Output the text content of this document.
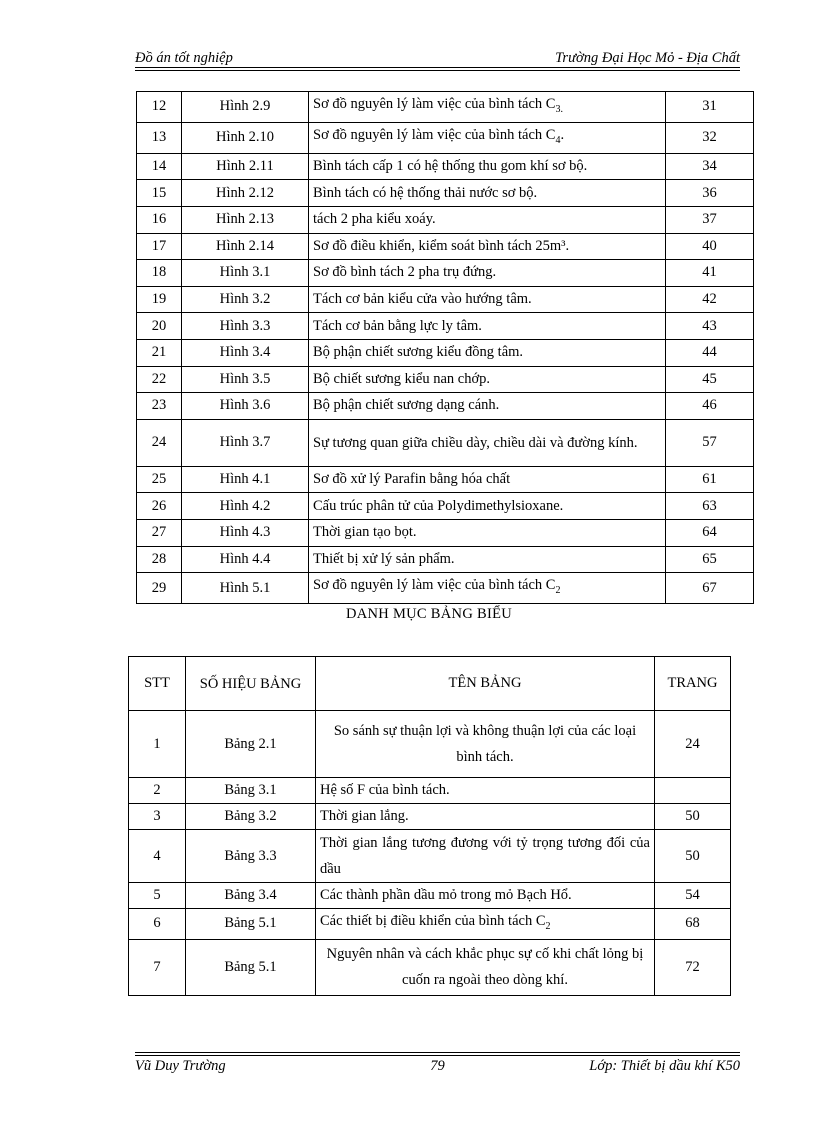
Đồ án tốt nghiệp	Trường Đại Học Mỏ - Địa Chất
12	Hình 2.9	Sơ đồ nguyên lý làm việc của bình tách $C_{3.}$	31
13	Hình 2.10	Sơ đồ nguyên lý làm việc của bình tách $C_4$.	32
14	Hình 2.11	Bình tách cấp 1 có hệ thống thu gom khí sơ bộ.	34
15	Hình 2.12	Bình tách có hệ thống thải nước sơ bộ.	36
16	Hình 2.13	tách 2 pha kiểu xoáy.	37
17	Hình 2.14	Sơ đồ điều khiển, kiểm soát bình tách 25m³.	40
18	Hình 3.1	Sơ đồ bình tách 2 pha trụ đứng.	41
19	Hình 3.2	Tách cơ bản kiểu cửa vào hướng tâm.	42
20	Hình 3.3	Tách cơ bản bằng lực ly tâm.	43
21	Hình 3.4	Bộ phận chiết sương kiểu đồng tâm.	44
22	Hình 3.5	Bộ chiết sương kiểu nan chớp.	45
23	Hình 3.6	Bộ phận chiết sương dạng cánh.	46
24	Hình 3.7	Sự tương quan giữa chiều dày, chiều dài và đường kính.	57
25	Hình 4.1	Sơ đồ xử lý Parafin bằng hóa chất	61
26	Hình 4.2	Cấu trúc phân tử của Polydimethylsioxane.	63
27	Hình 4.3	Thời gian tạo bọt.	64
28	Hình 4.4	Thiết bị xử lý sản phẩm.	65
29	Hình 5.1	Sơ đồ nguyên lý làm việc của bình tách $C_2$	67
DANH MỤC BẢNG BIỂU
STT	SỐ HIỆU BẢNG	TÊN BẢNG	TRANG
1	Bảng 2.1	So sánh sự thuận lợi và không thuận lợi của các loại bình tách.	24
2	Bảng 3.1	Hệ số F của bình tách.	
3	Bảng 3.2	Thời gian lắng.	50
4	Bảng 3.3	Thời gian lắng tương đương với tỷ trọng tương đối của dầu	50
5	Bảng 3.4	Các thành phần dầu mỏ trong mỏ Bạch Hổ.	54
6	Bảng 5.1	Các thiết bị điều khiển của bình tách $C_2$	68
7	Bảng 5.1	Nguyên nhân và cách khắc phục sự cố khi chất lỏng bị cuốn ra ngoài theo dòng khí.	72
Vũ Duy Trường	79	Lớp: Thiết bị dầu khí K50
